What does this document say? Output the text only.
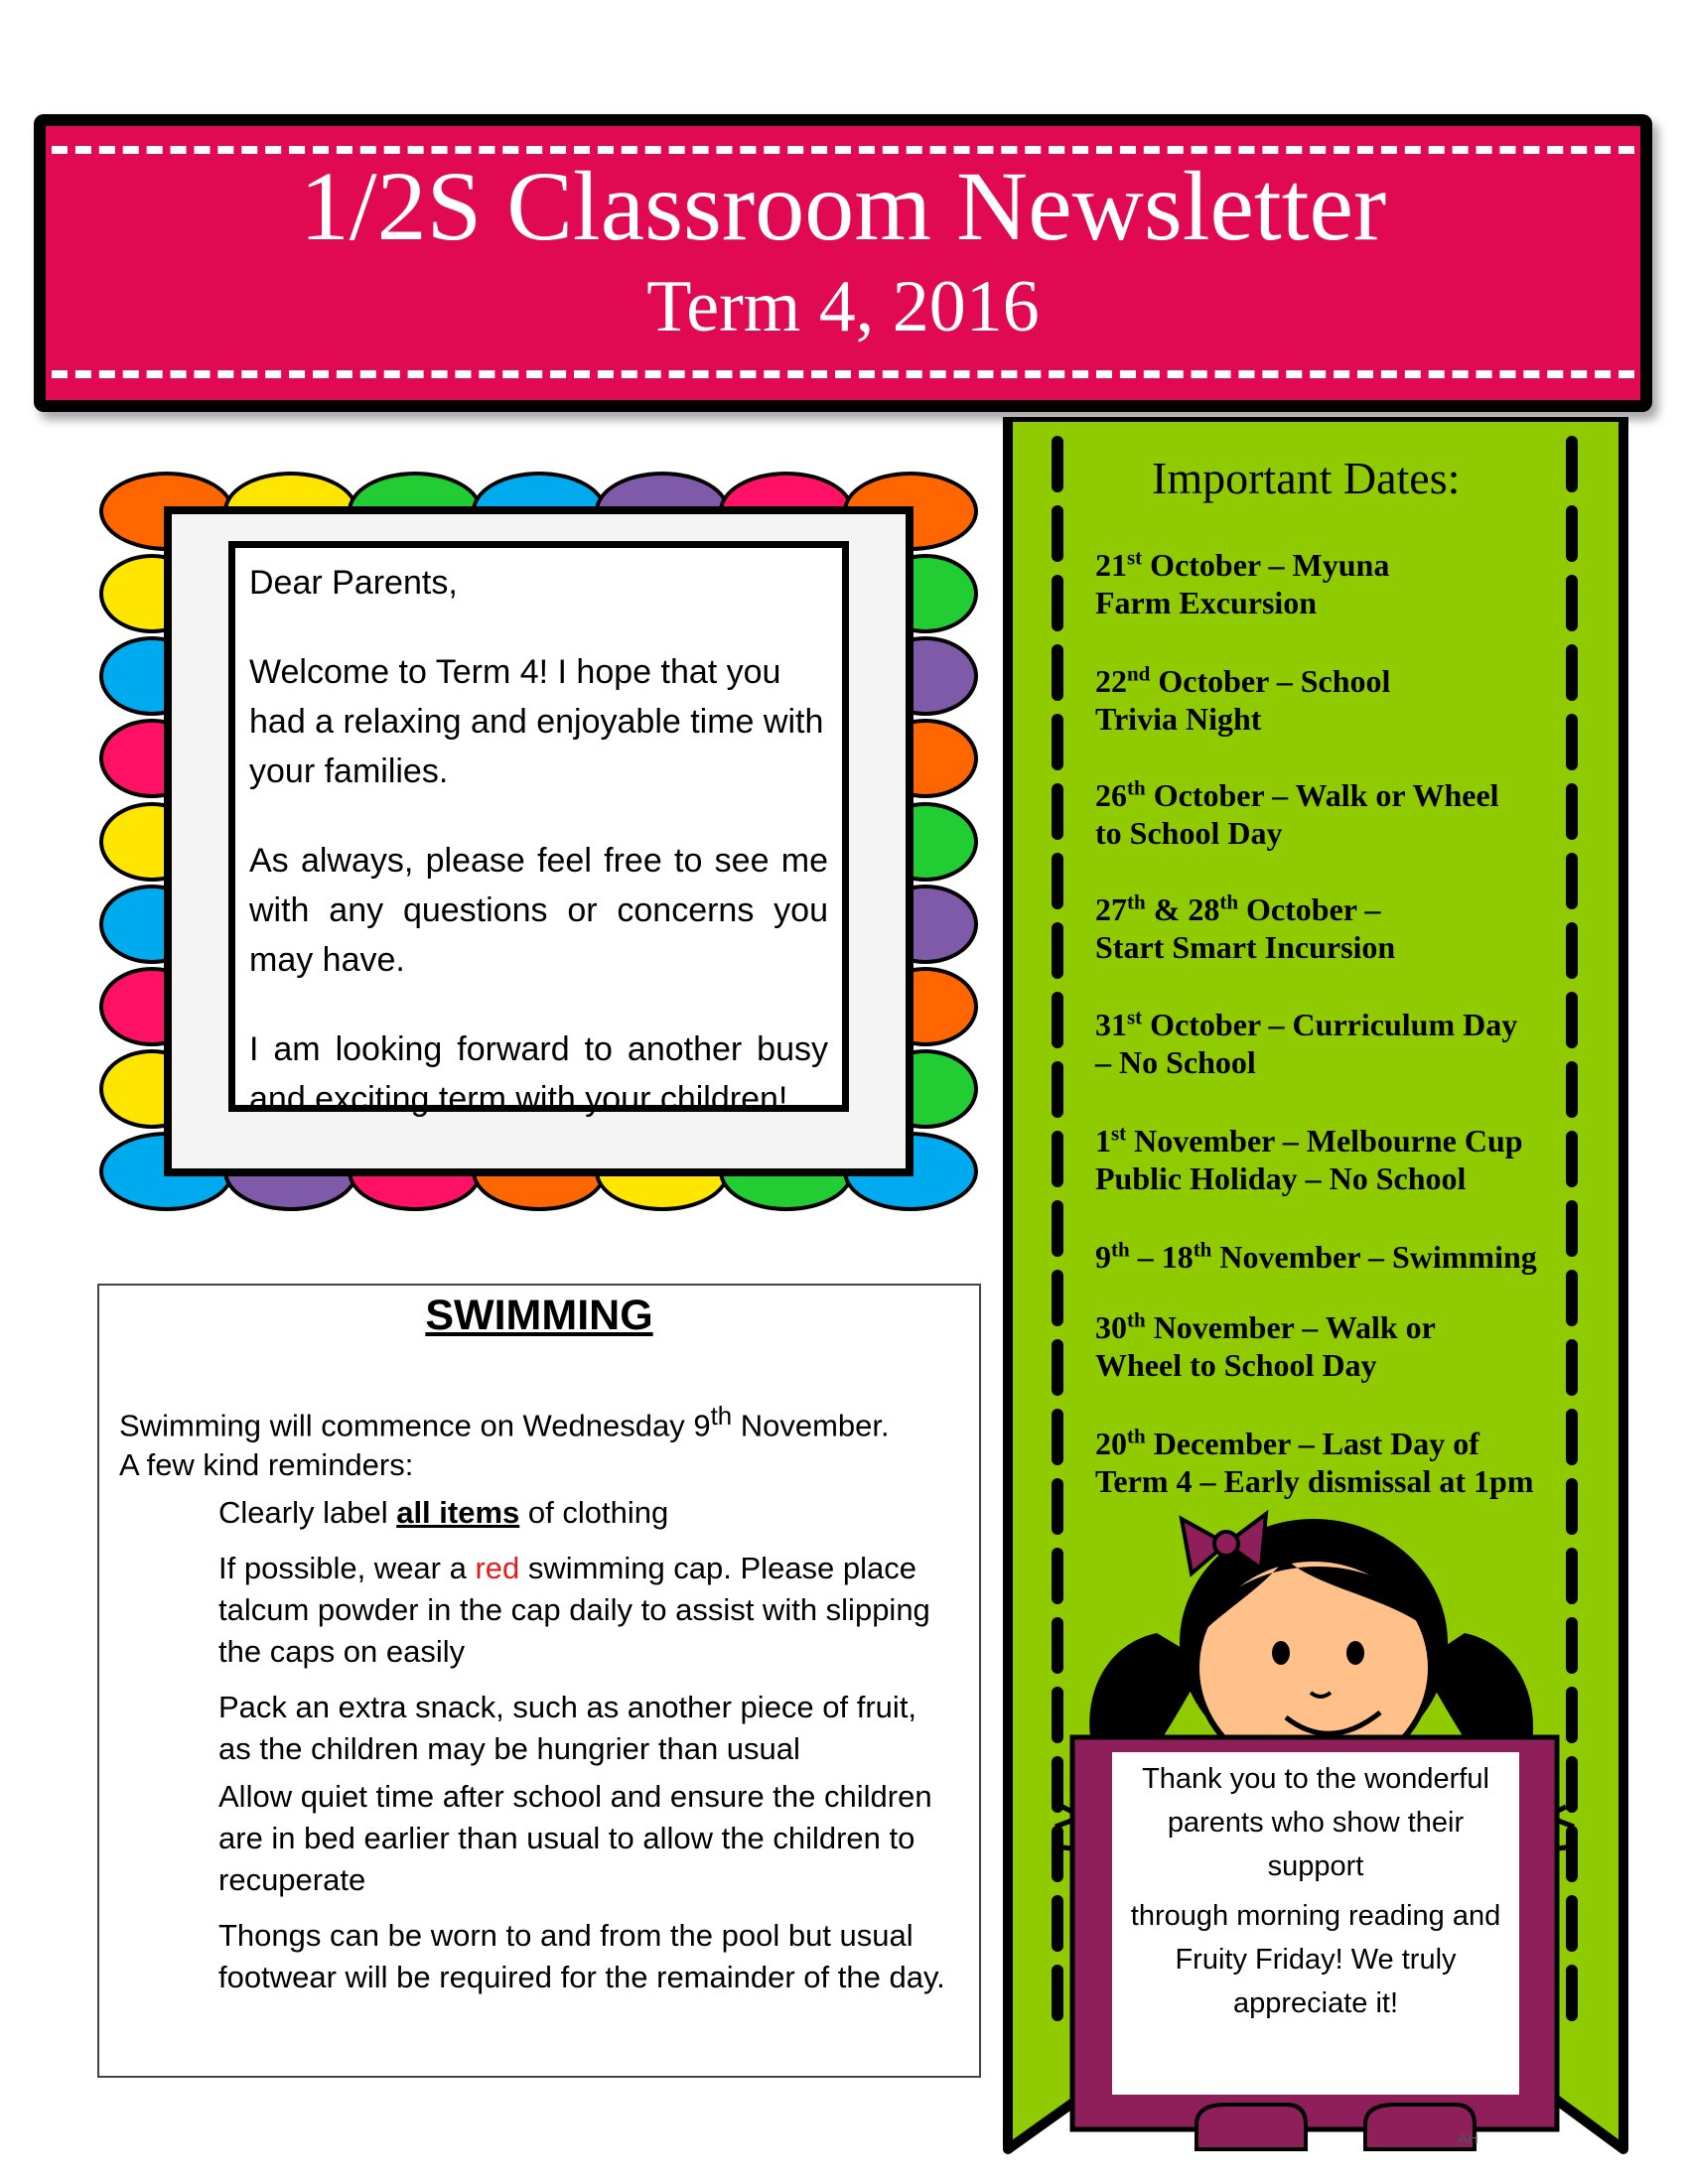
1/2S Classroom Newsletter
Term 4, 2016

Dear Parents,

Welcome to Term 4! I hope that you had a relaxing and enjoyable time with your families.

As always, please feel free to see me with any questions or concerns you may have.

I am looking forward to another busy and exciting term with your children!

SWIMMING
Swimming will commence on Wednesday 9th November.
A few kind reminders:
Clearly label all items of clothing
If possible, wear a red swimming cap. Please place talcum powder in the cap daily to assist with slipping the caps on easily
Pack an extra snack, such as another piece of fruit, as the children may be hungrier than usual
Allow quiet time after school and ensure the children are in bed earlier than usual to allow the children to recuperate
Thongs can be worn to and from the pool but usual footwear will be required for the remainder of the day.
Important Dates:
21st October – Myuna
Farm Excursion
22nd October – School
Trivia Night
26th October – Walk or Wheel
to School Day
27th & 28th October –
Start Smart Incursion
31st October – Curriculum Day
– No School
1st November – Melbourne Cup
Public Holiday – No School
9th – 18th November – Swimming
30th November – Walk or
Wheel to School Day
20th December – Last Day of
Term 4 – Early dismissal at 1pm

Thank you to the wonderful

parents who show their

support

through morning reading and

Fruity Friday! We truly

appreciate it!

AH
